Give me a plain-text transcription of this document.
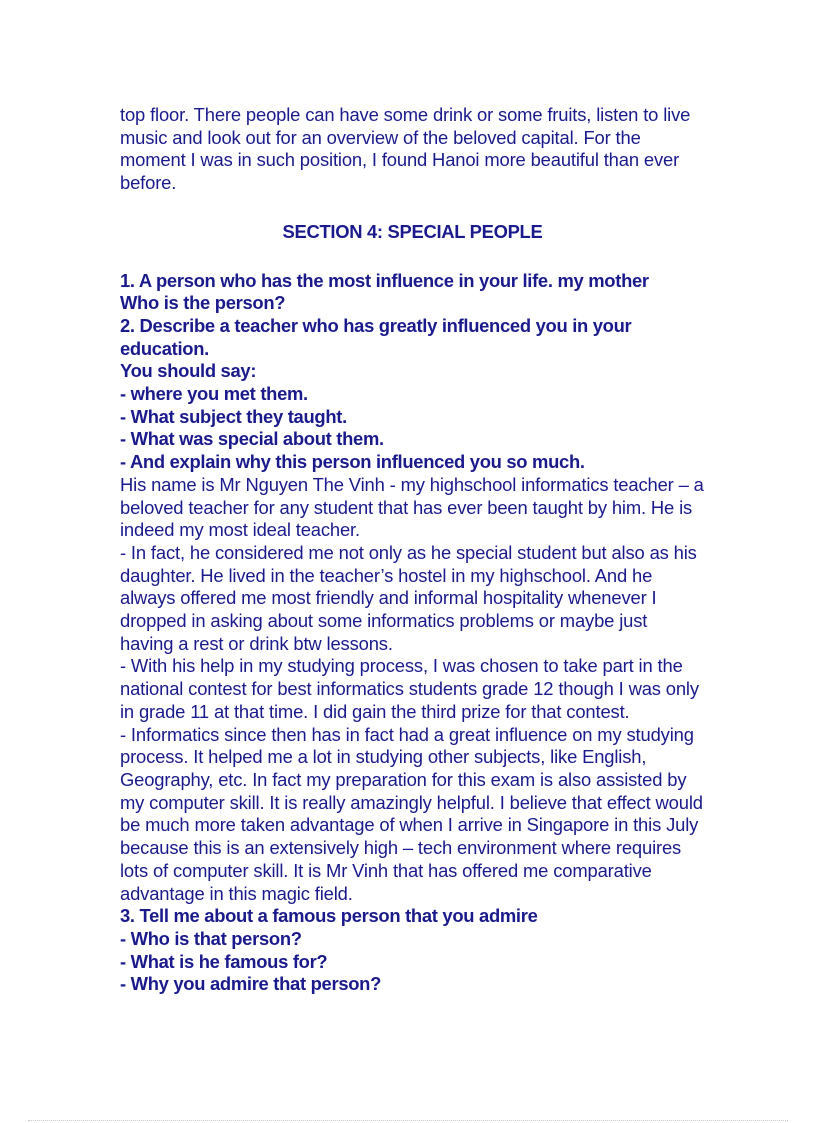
top floor. There people can have some drink or some fruits, listen to live music and look out for an overview of the beloved capital. For the moment I was in such position, I found Hanoi more beautiful than ever before.

SECTION 4: SPECIAL PEOPLE

1. A person who has the most influence in your life. my mother

Who is the person?

2. Describe a teacher who has greatly influenced you in your education.

You should say:

- where you met them.

- What subject they taught.

- What was special about them.

- And explain why this person influenced you so much.

His name is Mr Nguyen The Vinh - my highschool informatics teacher – a beloved teacher for any student that has ever been taught by him. He is indeed my most ideal teacher.

- In fact, he considered me not only as he special student but also as his daughter. He lived in the teacher’s hostel in my highschool. And he always offered me most friendly and informal hospitality whenever I dropped in asking about some informatics problems or maybe just having a rest or drink btw lessons.

- With his help in my studying process, I was chosen to take part in the national contest for best informatics students grade 12 though I was only in grade 11 at that time. I did gain the third prize for that contest.

- Informatics since then has in fact had a great influence on my studying process. It helped me a lot in studying other subjects, like English, Geography, etc. In fact my preparation for this exam is also assisted by my computer skill. It is really amazingly helpful. I believe that effect would be much more taken advantage of when I arrive in Singapore in this July because this is an extensively high – tech environment where requires lots of computer skill. It is Mr Vinh that has offered me comparative advantage in this magic field.

3. Tell me about a famous person that you admire

- Who is that person?

- What is he famous for?

- Why you admire that person?
